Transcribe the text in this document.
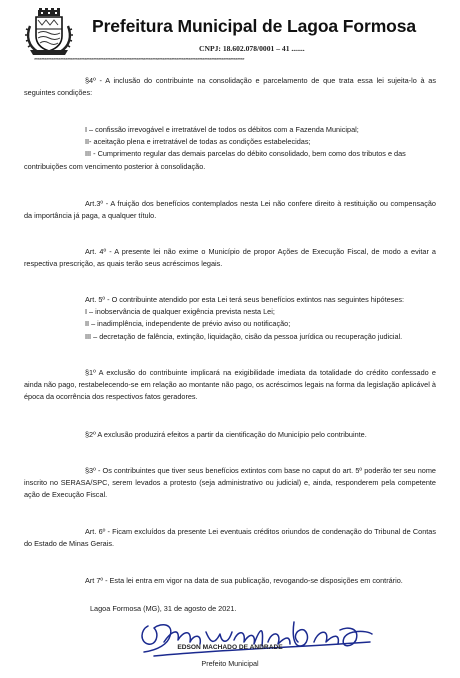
Prefeitura Municipal de Lagoa Formosa
CNPJ: 18.602.078/0001 – 41 .......
*************************************************************************************************************************
§4º - A inclusão do contribuinte na consolidação e parcelamento de que trata essa lei sujeita-lo à as seguintes condições:
I – confissão irrevogável e irretratável de todos os débitos com a Fazenda Municipal;
II- aceitação plena e irretratável de todas as condições estabelecidas;
III - Cumprimento regular das demais parcelas do débito consolidado, bem como dos tributos e das
contribuições com vencimento posterior à consolidação.
Art.3º - A fruição dos benefícios contemplados nesta Lei não confere direito à restituição ou compensação da importância já paga, a qualquer título.
Art. 4º - A presente lei não exime o Município de propor Ações de Execução Fiscal, de modo a evitar a respectiva prescrição, as quais terão seus acréscimos legais.
Art. 5º - O contribuinte atendido por esta Lei terá seus benefícios extintos nas seguintes hipóteses:
I – inobservância de qualquer exigência prevista nesta Lei;
II – inadimplência, independente de prévio aviso ou notificação;
III – decretação de falência, extinção, liquidação, cisão da pessoa jurídica ou recuperação judicial.
§1º A exclusão do contribuinte implicará na exigibilidade imediata da totalidade do crédito confessado e ainda não pago, restabelecendo-se em relação ao montante não pago, os acréscimos legais na forma da legislação aplicável à época da ocorrência dos respectivos fatos geradores.
§2º A exclusão produzirá efeitos a partir da cientificação do Município pelo contribuinte.
§3º - Os contribuintes que tiver seus benefícios extintos com base no caput do art. 5º poderão ter seu nome inscrito no SERASA/SPC, serem levados a protesto (seja administrativo ou judicial) e, ainda, responderem pela competente ação de Execução Fiscal.
Art. 6º - Ficam excluídos da presente Lei eventuais créditos oriundos de condenação do Tribunal de Contas do Estado de Minas Gerais.
Art 7º - Esta lei entra em vigor na data de sua publicação, revogando-se disposições em contrário.
Lagoa Formosa (MG), 31 de agosto de 2021.
EDSON MACHADO DE ANDRADE
Prefeito Municipal
